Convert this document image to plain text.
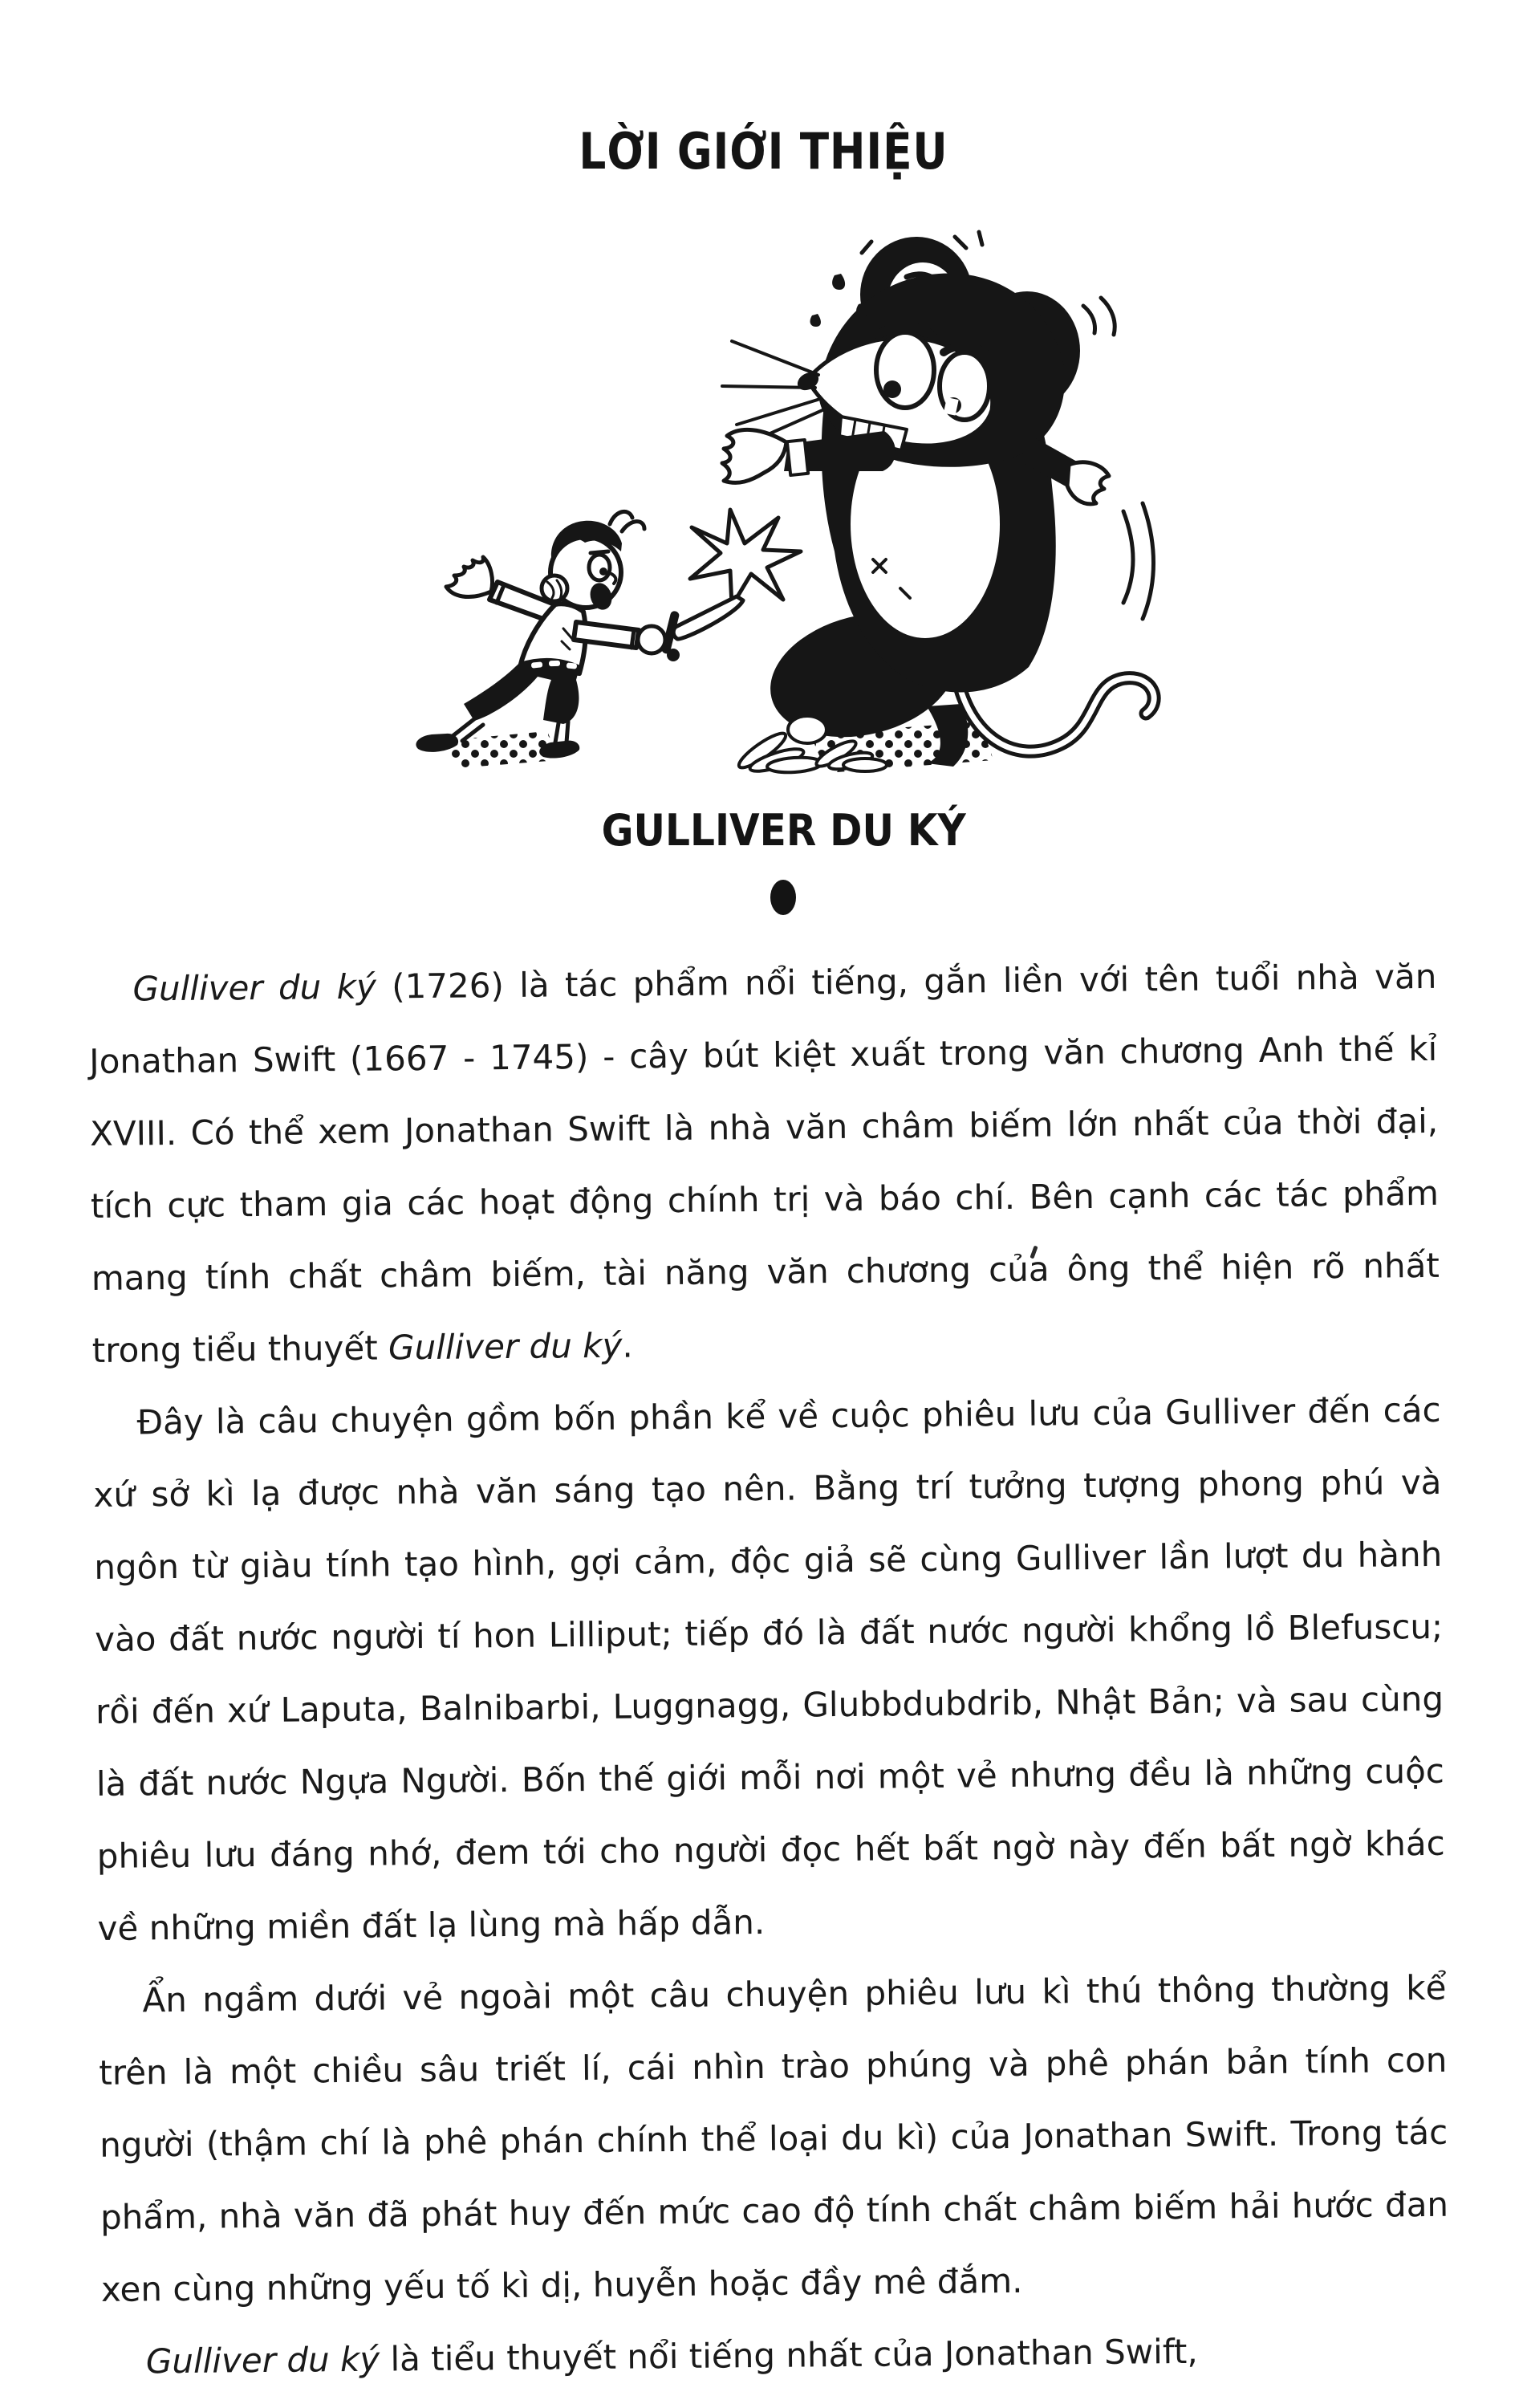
LỜI GIỚI THIỆU
GULLIVER DU KÝ

Gulliver du ký (1726) là tác phẩm nổi tiếng, gắn liền với tên tuổi nhà văn Jonathan Swift (1667 - 1745) - cây bút kiệt xuất trong văn chương Anh thế kỉ XVIII. Có thể xem Jonathan Swift là nhà văn châm biếm lớn nhất của thời đại, tích cực tham gia các hoạt động chính trị và báo chí. Bên cạnh các tác phẩm mang tính chất châm biếm, tài năng văn chương của ông thể hiện rõ nhất trong tiểu thuyết Gulliver du ký.

Đây là câu chuyện gồm bốn phần kể về cuộc phiêu lưu của Gulliver đến các xứ sở kì lạ được nhà văn sáng tạo nên. Bằng trí tưởng tượng phong phú và ngôn từ giàu tính tạo hình, gợi cảm, độc giả sẽ cùng Gulliver lần lượt du hành vào đất nước người tí hon Lilliput; tiếp đó là đất nước người khổng lồ Blefuscu; rồi đến xứ Laputa, Balnibarbi, Luggnagg, Glubbdubdrib, Nhật Bản; và sau cùng là đất nước Ngựa Người. Bốn thế giới mỗi nơi một vẻ nhưng đều là những cuộc phiêu lưu đáng nhớ, đem tới cho người đọc hết bất ngờ này đến bất ngờ khác về những miền đất lạ lùng mà hấp dẫn.

Ẩn ngầm dưới vẻ ngoài một câu chuyện phiêu lưu kì thú thông thường kể trên là một chiều sâu triết lí, cái nhìn trào phúng và phê phán bản tính con người (thậm chí là phê phán chính thể loại du kì) của Jonathan Swift. Trong tác phẩm, nhà văn đã phát huy đến mức cao độ tính chất châm biếm hải hước đan xen cùng những yếu tố kì dị, huyễn hoặc đầy mê đắm.

Gulliver du ký là tiểu thuyết nổi tiếng nhất của Jonathan Swift,
